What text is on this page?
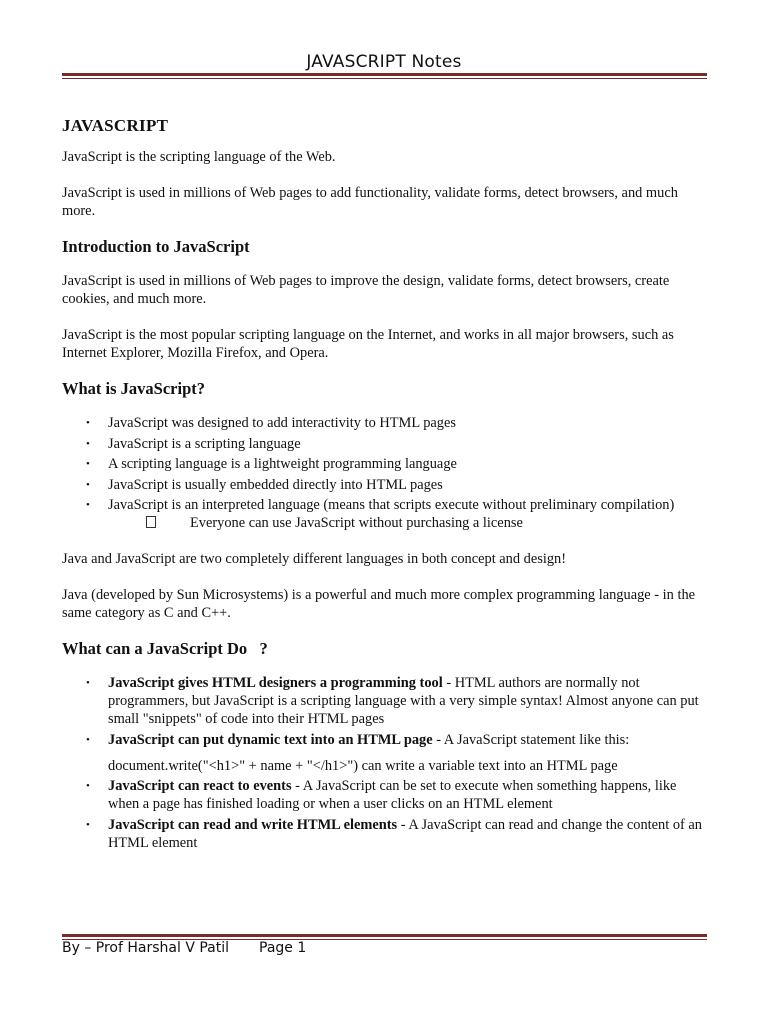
JAVASCRIPT Notes
JAVASCRIPT

JavaScript is the scripting language of the Web.

JavaScript is used in millions of Web pages to add functionality, validate forms, detect browsers, and much more.

Introduction to JavaScript

JavaScript is used in millions of Web pages to improve the design, validate forms, detect browsers, create cookies, and much more.

JavaScript is the most popular scripting language on the Internet, and works in all major browsers, such as Internet Explorer, Mozilla Firefox, and Opera.

What is JavaScript?
• JavaScript was designed to add interactivity to HTML pages
• JavaScript is a scripting language
• A scripting language is a lightweight programming language
• JavaScript is usually embedded directly into HTML pages
• JavaScript is an interpreted language (means that scripts execute without preliminary compilation)
Everyone can use JavaScript without purchasing a license

Java and JavaScript are two completely different languages in both concept and design!

Java (developed by Sun Microsystems) is a powerful and much more complex programming language - in the same category as C and C++.

What can a JavaScript Do   ?
• JavaScript gives HTML designers a programming tool - HTML authors are normally not programmers, but JavaScript is a scripting language with a very simple syntax! Almost anyone can put small "snippets" of code into their HTML pages
• JavaScript can put dynamic text into an HTML page - A JavaScript statement like this:
document.write("<h1>" + name + "</h1>") can write a variable text into an HTML page
• JavaScript can react to events - A JavaScript can be set to execute when something happens, like when a page has finished loading or when a user clicks on an HTML element
• JavaScript can read and write HTML elements - A JavaScript can read and change the content of an HTML element
By – Prof Harshal V Patil Page 1
